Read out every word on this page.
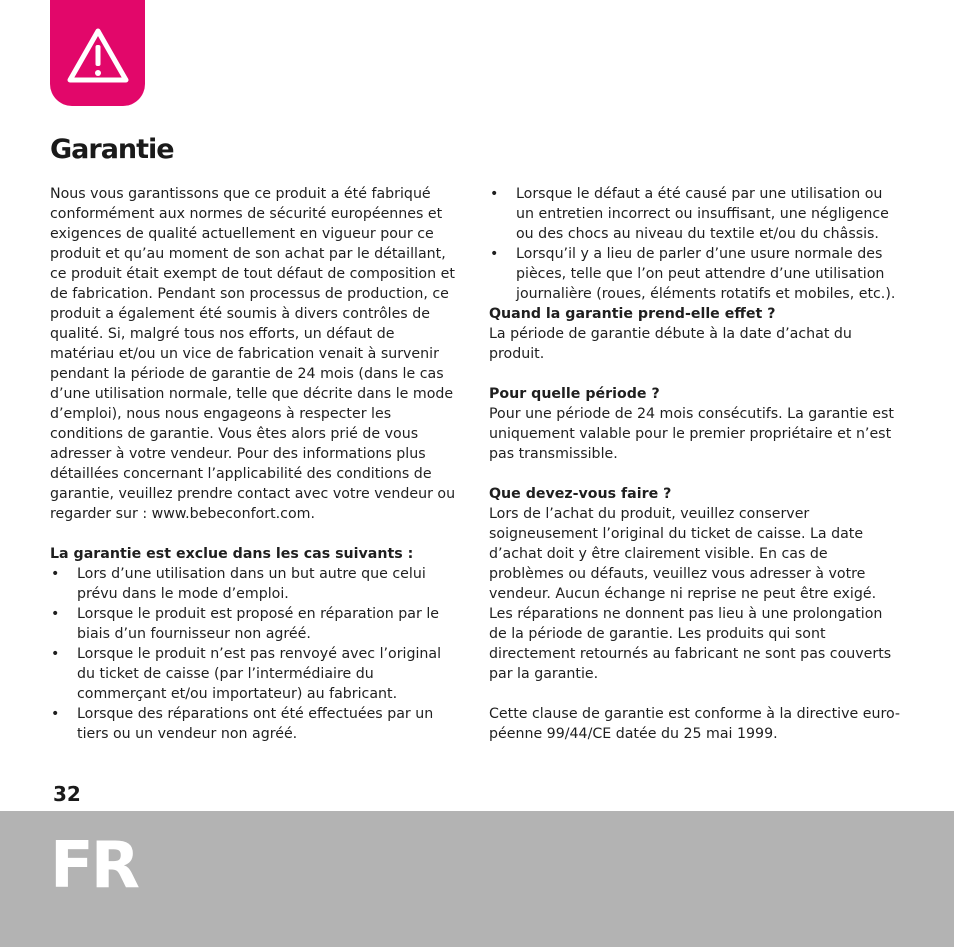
Garantie

Nous vous garantissons que ce produit a été fabriqué conformément aux normes de sécurité européennes et exigences de qualité actuellement en vigueur pour ce produit et qu’au moment de son achat par le détaillant, ce produit était exempt de tout défaut de composition et de fabrication. Pendant son processus de production, ce produit a également été soumis à divers contrôles de qualité. Si, malgré tous nos efforts, un défaut de matériau et/ou un vice de fabrication venait à survenir pendant la période de garantie de 24 mois (dans le cas d’une utilisation normale, telle que décrite dans le mode d’emploi), nous nous engageons à respecter les conditions de garantie. Vous êtes alors prié de vous adresser à votre vendeur. Pour des informations plus détaillées concernant l’applicabilité des conditions de garantie, veuillez prendre contact avec votre vendeur ou regarder sur : www.bebeconfort.com.

La garantie est exclue dans les cas suivants :
• Lors d’une utilisation dans un but autre que celui prévu dans le mode d’emploi.
• Lorsque le produit est proposé en réparation par le biais d’un fournisseur non agréé.
• Lorsque le produit n’est pas renvoyé avec l’original du ticket de caisse (par l’intermédiaire du commerçant et/ou importateur) au fabricant.
• Lorsque des réparations ont été effectuées par un tiers ou un vendeur non agréé.
• Lorsque le défaut a été causé par une utilisation ou un entretien incorrect ou insuffisant, une négligence ou des chocs au niveau du textile et/ou du châssis.
• Lorsqu’il y a lieu de parler d’une usure normale des pièces, telle que l’on peut attendre d’une utilisation journalière (roues, éléments rotatifs et mobiles, etc.).
Quand la garantie prend-elle effet ?

La période de garantie débute à la date d’achat du produit.

Pour quelle période ?

Pour une période de 24 mois consécutifs. La garantie est uniquement valable pour le premier propriétaire et n’est pas transmissible.

Que devez-vous faire ?

Lors de l’achat du produit, veuillez conserver soigneusement l’original du ticket de caisse. La date d’achat doit y être clairement visible. En cas de problèmes ou défauts, veuillez vous adresser à votre vendeur. Aucun échange ni reprise ne peut être exigé. Les réparations ne donnent pas lieu à une prolongation de la période de garantie. Les produits qui sont directement retournés au fabricant ne sont pas couverts par la garantie.

Cette clause de garantie est conforme à la directive euro-péenne 99/44/CE datée du 25 mai 1999.

32
FR
